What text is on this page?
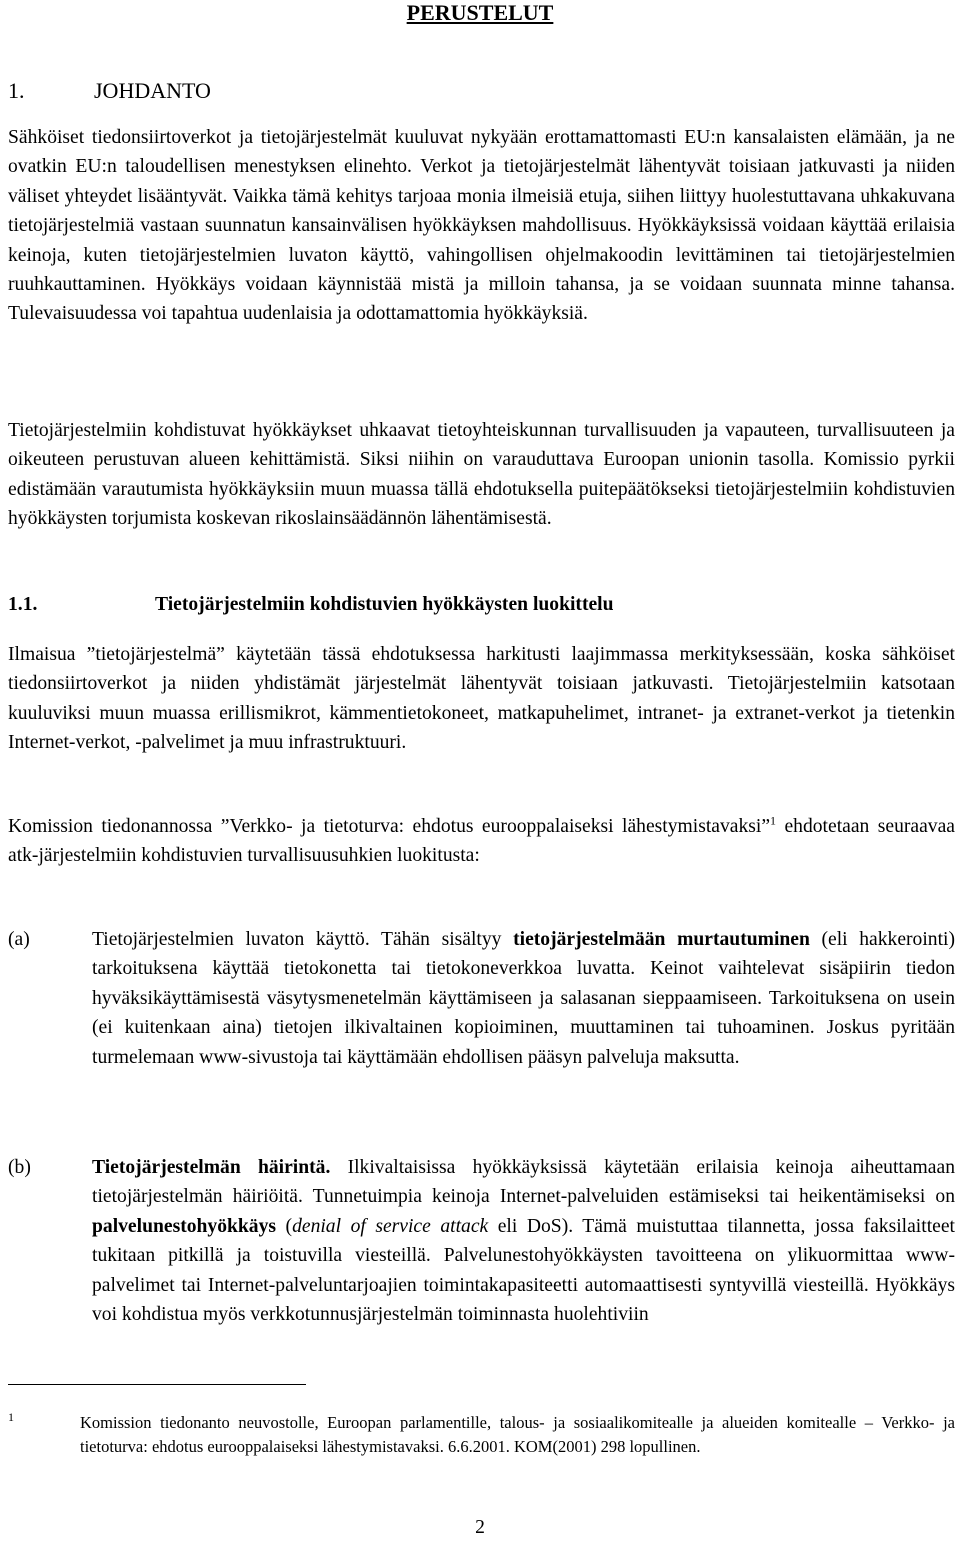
PERUSTELUT
1.	JOHDANTO
Sähköiset tiedonsiirtoverkot ja tietojärjestelmät kuuluvat nykyään erottamattomasti EU:n kansalaisten elämään, ja ne ovatkin EU:n taloudellisen menestyksen elinehto. Verkot ja tietojärjestelmät lähentyvät toisiaan jatkuvasti ja niiden väliset yhteydet lisääntyvät. Vaikka tämä kehitys tarjoaa monia ilmeisiä etuja, siihen liittyy huolestuttavana uhkakuvana tietojärjestelmiä vastaan suunnatun kansainvälisen hyökkäyksen mahdollisuus. Hyökkäyksissä voidaan käyttää erilaisia keinoja, kuten tietojärjestelmien luvaton käyttö, vahingollisen ohjelmakoodin levittäminen tai tietojärjestelmien ruuhkauttaminen. Hyökkäys voidaan käynnistää mistä ja milloin tahansa, ja se voidaan suunnata minne tahansa. Tulevaisuudessa voi tapahtua uudenlaisia ja odottamattomia hyökkäyksiä.
Tietojärjestelmiin kohdistuvat hyökkäykset uhkaavat tietoyhteiskunnan turvallisuuden ja vapauteen, turvallisuuteen ja oikeuteen perustuvan alueen kehittämistä. Siksi niihin on varauduttava Euroopan unionin tasolla. Komissio pyrkii edistämään varautumista hyökkäyksiin muun muassa tällä ehdotuksella puitepäätökseksi tietojärjestelmiin kohdistuvien hyökkäysten torjumista koskevan rikoslainsäädännön lähentämisestä.
1.1.	Tietojärjestelmiin kohdistuvien hyökkäysten luokittelu
Ilmaisua ”tietojärjestelmä” käytetään tässä ehdotuksessa harkitusti laajimmassa merkityksessään, koska sähköiset tiedonsiirtoverkot ja niiden yhdistämät järjestelmät lähentyvät toisiaan jatkuvasti. Tietojärjestelmiin katsotaan kuuluviksi muun muassa erillismikrot, kämmentietokoneet, matkapuhelimet, intranet- ja extranet-verkot ja tietenkin Internet-verkot, -palvelimet ja muu infrastruktuuri.
Komission tiedonannossa ”Verkko- ja tietoturva: ehdotus eurooppalaiseksi lähestymistavaksi”$^1$ ehdotetaan seuraavaa atk-järjestelmiin kohdistuvien turvallisuusuhkien luokitusta:
(a)	Tietojärjestelmien luvaton käyttö. Tähän sisältyy tietojärjestelmään murtautuminen (eli hakkerointi) tarkoituksena käyttää tietokonetta tai tietokoneverkkoa luvatta. Keinot vaihtelevat sisäpiirin tiedon hyväksikäyttämisestä väsytysmenetelmän käyttämiseen ja salasanan sieppaamiseen. Tarkoituksena on usein (ei kuitenkaan aina) tietojen ilkivaltainen kopioiminen, muuttaminen tai tuhoaminen. Joskus pyritään turmelemaan www-sivustoja tai käyttämään ehdollisen pääsyn palveluja maksutta.
(b)	Tietojärjestelmän häirintä. Ilkivaltaisissa hyökkäyksissä käytetään erilaisia keinoja aiheuttamaan tietojärjestelmän häiriöitä. Tunnetuimpia keinoja Internet-palveluiden estämiseksi tai heikentämiseksi on palvelunestohyökkäys (denial of service attack eli DoS). Tämä muistuttaa tilannetta, jossa faksilaitteet tukitaan pitkillä ja toistuvilla viesteillä. Palvelunestohyökkäysten tavoitteena on ylikuormittaa www-palvelimet tai Internet-palveluntarjoajien toimintakapasiteetti automaattisesti syntyvillä viesteillä. Hyökkäys voi kohdistua myös verkkotunnusjärjestelmän toiminnasta huolehtiviin
1	Komission tiedonanto neuvostolle, Euroopan parlamentille, talous- ja sosiaalikomitealle ja alueiden komitealle – Verkko- ja tietoturva: ehdotus eurooppalaiseksi lähestymistavaksi. 6.6.2001. KOM(2001) 298 lopullinen.
2
